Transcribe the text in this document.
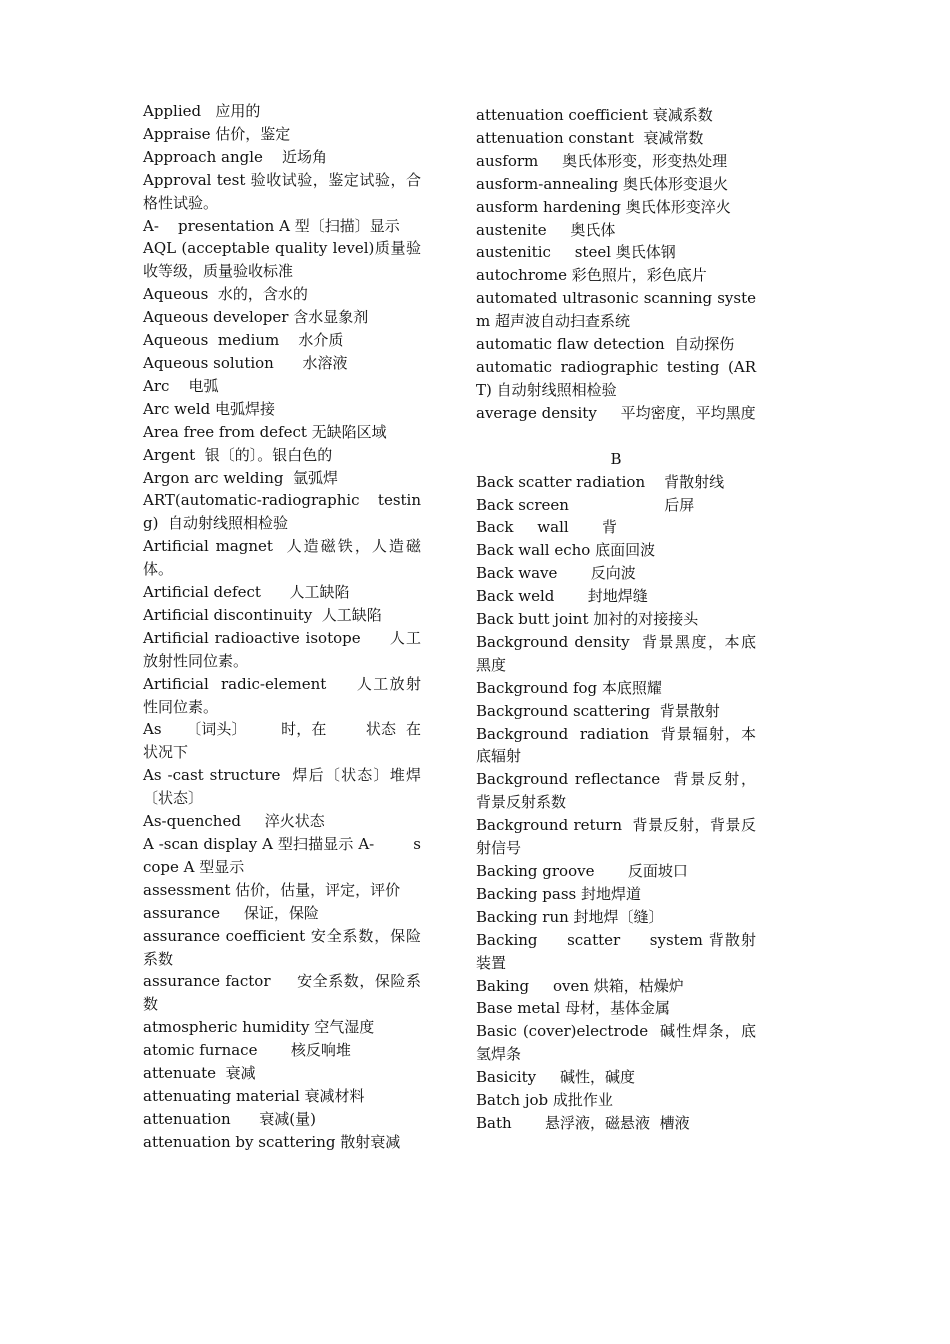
Applied   应用的
Appraise 估价，鉴定
Approach angle    近场角
Approval test 验收试验，鉴定试验，合格性试验。
A-    presentation A 型〔扫描〕显示
AQL (acceptable quality level)质量验收等级，质量验收标准
Aqueous  水的，含水的
Aqueous developer 含水显象剂
Aqueous  medium    水介质
Aqueous solution      水溶液
Arc    电弧
Arc weld 电弧焊接
Area free from defect 无缺陷区域
Argent  银〔的〕。银白色的
Argon arc welding  氩弧焊
ART(automatic-radiographic  testing)  自动射线照相检验
Artificial magnet  人造磁铁，人造磁体。
Artificial defect      人工缺陷
Artificial discontinuity  人工缺陷
Artificial radioactive isotope     人工放射性同位素。
Artificial  radic-element     人工放射性同位素。
As     〔词头〕       时，在        状态  在状况下
As -cast structure  焊后〔状态〕堆焊〔状态〕
As-quenched     淬火状态
A -scan display A 型扫描显示 A-        scope A 型显示
assessment 估价，估量，评定，评价
assurance     保证，保险
assurance coefficient 安全系数，保险系数
assurance factor     安全系数，保险系数
atmospheric humidity 空气湿度
atomic furnace       核反响堆
attenuate  衰减
attenuating material 衰减材料
attenuation      衰减(量)
attenuation by scattering 散射衰减
attenuation coefficient 衰减系数
attenuation constant  衰减常数
ausform     奥氏体形变，形变热处理
ausform-annealing 奥氏体形变退火
ausform hardening 奥氏体形变淬火
austenite     奥氏体
austenitic     steel 奥氏体钢
autochrome 彩色照片，彩色底片
automated ultrasonic scanning system 超声波自动扫查系统
automatic flaw detection  自动探伤
automatic radiographic testing (ART) 自动射线照相检验
average density     平均密度，平均黑度
B
Back scatter radiation    背散射线
Back screen                    后屏
Back     wall       背
Back wall echo 底面回波
Back wave       反向波
Back weld       封地焊缝
Back butt joint 加衬的对接接头
Background density  背景黑度，本底黑度
Background fog 本底照耀
Background scattering  背景散射
Background  radiation  背景辐射，本底辐射
Background reflectance  背景反射，背景反射系数
Background return  背景反射，背景反射信号
Backing groove       反面坡口
Backing pass 封地焊道
Backing run 封地焊〔缝〕
Backing     scatter     system 背散射装置
Baking     oven 烘箱，枯燥炉
Base metal 母材，基体金属
Basic (cover)electrode  碱性焊条，底氢焊条
Basicity     碱性，碱度
Batch job 成批作业
Bath       悬浮液，磁悬液  槽液
